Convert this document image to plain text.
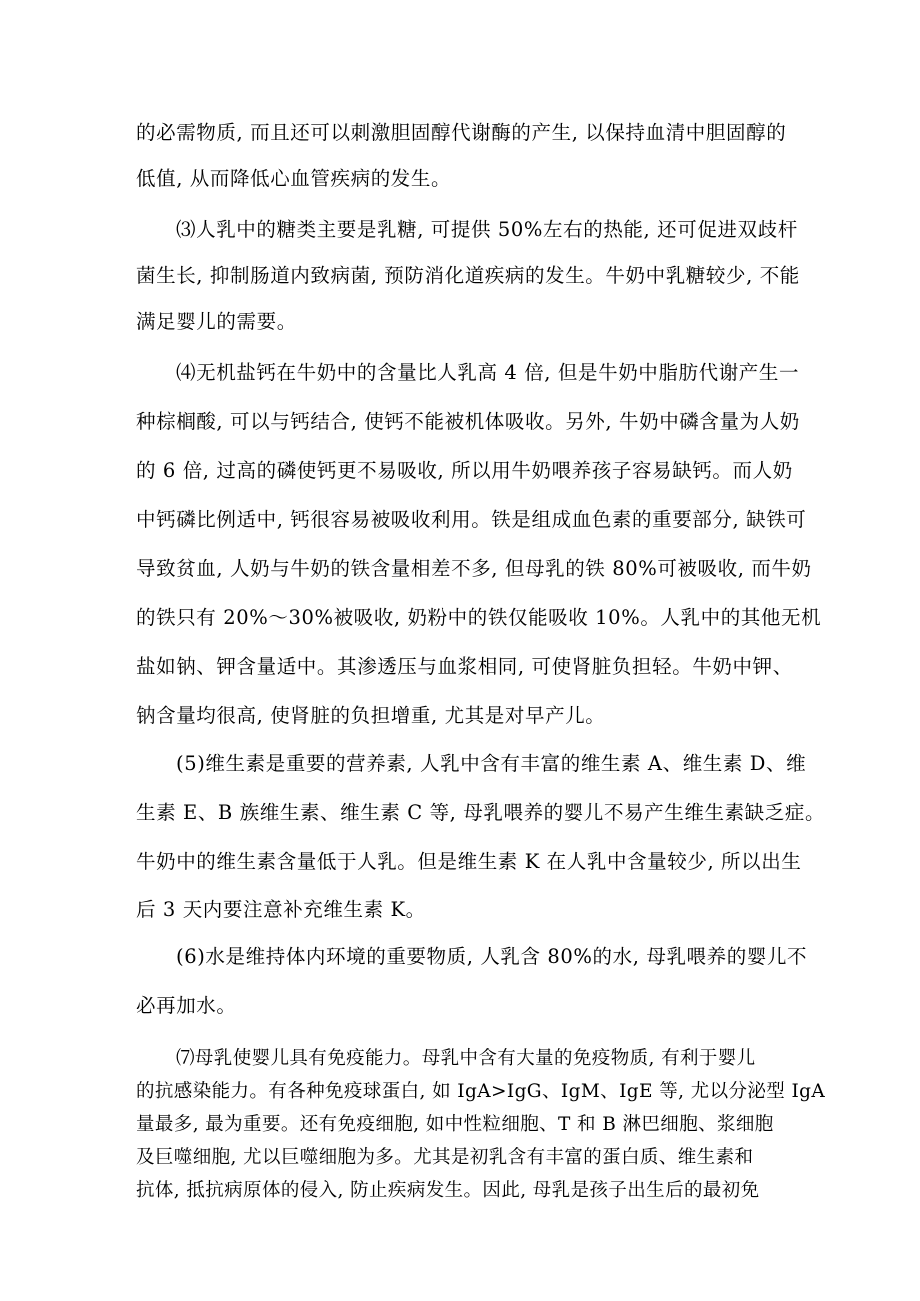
的必需物质, 而且还可以刺激胆固醇代谢酶的产生, 以保持血清中胆固醇的
低值, 从而降低心血管疾病的发生。
⑶人乳中的糖类主要是乳糖, 可提供 50%左右的热能, 还可促进双歧杆
菌生长, 抑制肠道内致病菌, 预防消化道疾病的发生。牛奶中乳糖较少, 不能
满足婴儿的需要。
⑷无机盐钙在牛奶中的含量比人乳高 4 倍, 但是牛奶中脂肪代谢产生一
种棕榈酸, 可以与钙结合, 使钙不能被机体吸收。另外, 牛奶中磷含量为人奶
的 6 倍, 过高的磷使钙更不易吸收, 所以用牛奶喂养孩子容易缺钙。而人奶
中钙磷比例适中, 钙很容易被吸收利用。铁是组成血色素的重要部分, 缺铁可
导致贫血, 人奶与牛奶的铁含量相差不多, 但母乳的铁 80%可被吸收, 而牛奶
的铁只有 20%～30%被吸收, 奶粉中的铁仅能吸收 10%。人乳中的其他无机
盐如钠、钾含量适中。其渗透压与血浆相同, 可使肾脏负担轻。牛奶中钾、
钠含量均很高, 使肾脏的负担增重, 尤其是对早产儿。
(5)维生素是重要的营养素, 人乳中含有丰富的维生素 A、维生素 D、维
生素 E、B 族维生素、维生素 C 等, 母乳喂养的婴儿不易产生维生素缺乏症。
牛奶中的维生素含量低于人乳。但是维生素 K 在人乳中含量较少, 所以出生
后 3 天内要注意补充维生素 K。
(6)水是维持体内环境的重要物质, 人乳含 80%的水, 母乳喂养的婴儿不
必再加水。
⑺母乳使婴儿具有免疫能力。母乳中含有大量的免疫物质, 有利于婴儿
的抗感染能力。有各种免疫球蛋白, 如 IgA>IgG、IgM、IgE 等, 尤以分泌型 IgA
量最多, 最为重要。还有免疫细胞, 如中性粒细胞、T 和 B 淋巴细胞、浆细胞
及巨噬细胞, 尤以巨噬细胞为多。尤其是初乳含有丰富的蛋白质、维生素和
抗体, 抵抗病原体的侵入, 防止疾病发生。因此, 母乳是孩子出生后的最初免
